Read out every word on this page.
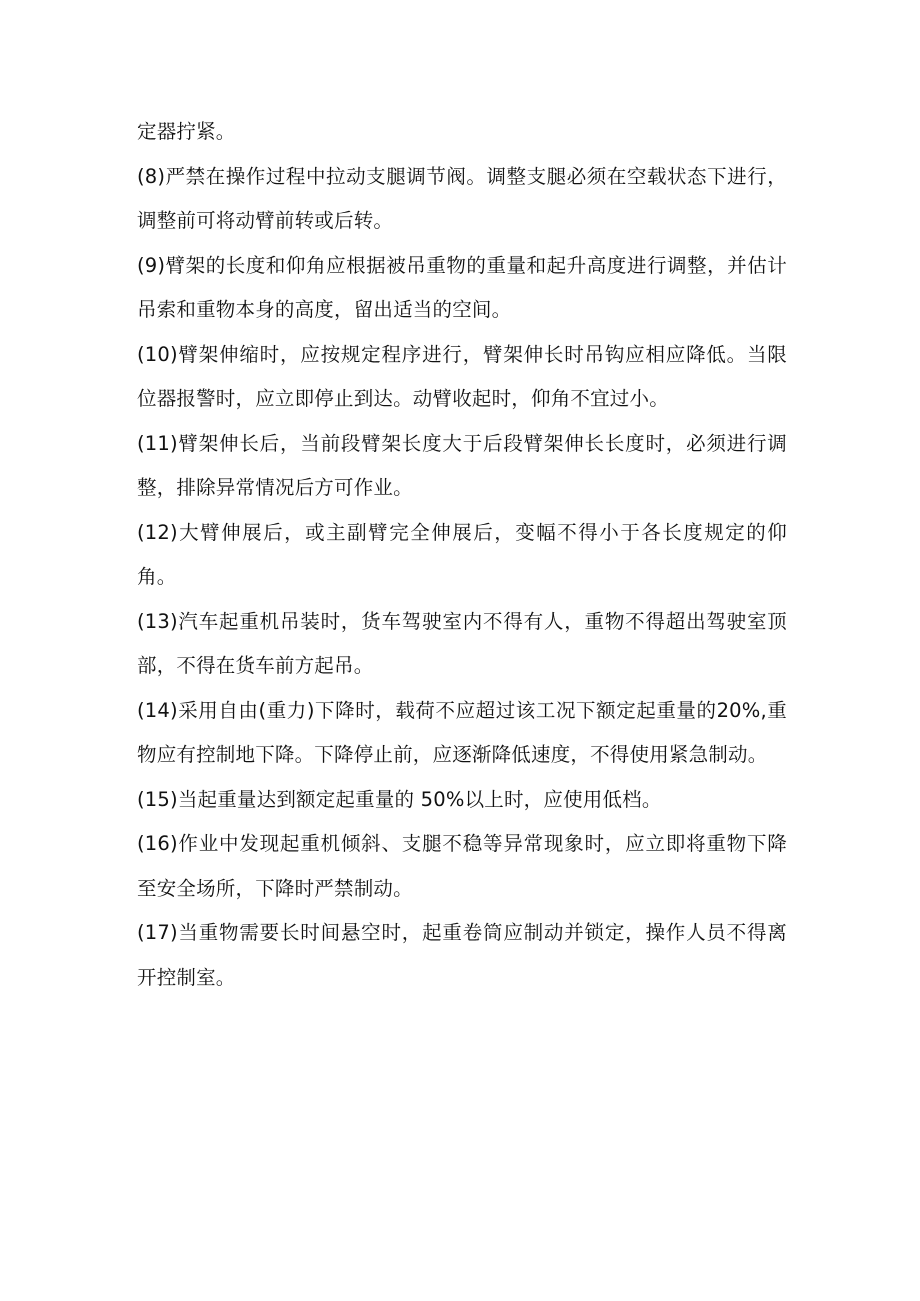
定器拧紧。

(8)严禁在操作过程中拉动支腿调节阀。调整支腿必须在空载状态下进行，调整前可将动臂前转或后转。

(9)臂架的长度和仰角应根据被吊重物的重量和起升高度进行调整，并估计吊索和重物本身的高度，留出适当的空间。

(10)臂架伸缩时，应按规定程序进行，臂架伸长时吊钩应相应降低。当限位器报警时，应立即停止到达。动臂收起时，仰角不宜过小。

(11)臂架伸长后，当前段臂架长度大于后段臂架伸长长度时，必须进行调整，排除异常情况后方可作业。

(12)大臂伸展后，或主副臂完全伸展后，变幅不得小于各长度规定的仰角。

(13)汽车起重机吊装时，货车驾驶室内不得有人，重物不得超出驾驶室顶部，不得在货车前方起吊。

(14)采用自由(重力)下降时，载荷不应超过该工况下额定起重量的20%,重物应有控制地下降。下降停止前，应逐渐降低速度，不得使用紧急制动。

(15)当起重量达到额定起重量的 50%以上时，应使用低档。

(16)作业中发现起重机倾斜、支腿不稳等异常现象时，应立即将重物下降至安全场所，下降时严禁制动。

(17)当重物需要长时间悬空时，起重卷筒应制动并锁定，操作人员不得离开控制室。
